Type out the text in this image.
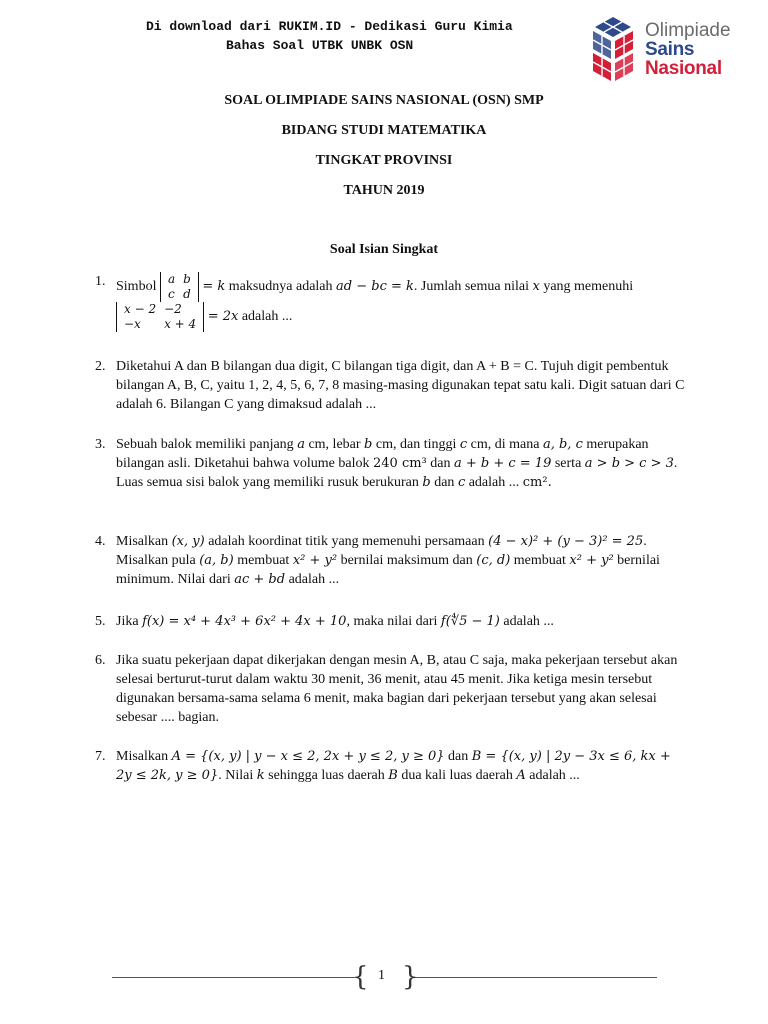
Di download dari RUKIM.ID - Dedikasi Guru Kimia
Bahas Soal UTBK UNBK OSN
Olimpiade
Sains
Nasional
SOAL OLIMPIADE SAINS NASIONAL (OSN) SMP
BIDANG STUDI MATEMATIKA
TINGKAT PROVINSI
TAHUN 2019
Soal Isian Singkat
1. Simbol
a	b
c	d = k maksudnya adalah ad − bc = k. Jumlah semua nilai x yang memenuhi

x − 2	−2
−x	x + 4 = 2x adalah ...
2. Diketahui A dan B bilangan dua digit, C bilangan tiga digit, dan A + B = C. Tujuh digit pembentuk bilangan A, B, C, yaitu 1, 2, 4, 5, 6, 7, 8 masing-masing digunakan tepat satu kali. Digit satuan dari C adalah 6. Bilangan C yang dimaksud adalah ...
3. Sebuah balok memiliki panjang a cm, lebar b cm, dan tinggi c cm, di mana a, b, c merupakan bilangan asli. Diketahui bahwa volume balok 240 cm³ dan a + b + c = 19 serta a > b > c > 3. Luas semua sisi balok yang memiliki rusuk berukuran b dan c adalah ... cm².
4. Misalkan (x, y) adalah koordinat titik yang memenuhi persamaan (4 − x)² + (y − 3)² = 25. Misalkan pula (a, b) membuat x² + y² bernilai maksimum dan (c, d) membuat x² + y² bernilai minimum. Nilai dari ac + bd adalah ...
5. Jika f(x) = x⁴ + 4x³ + 6x² + 4x + 10, maka nilai dari f(∜5 − 1) adalah ...
6. Jika suatu pekerjaan dapat dikerjakan dengan mesin A, B, atau C saja, maka pekerjaan tersebut akan selesai berturut-turut dalam waktu 30 menit, 36 menit, atau 45 menit. Jika ketiga mesin tersebut digunakan bersama-sama selama 6 menit, maka bagian dari pekerjaan tersebut yang akan selesai sebesar .... bagian.
7. Misalkan A = {(x, y) | y − x ≤ 2, 2x + y ≤ 2, y ≥ 0} dan B = {(x, y) | 2y − 3x ≤ 6, kx + 2y ≤ 2k, y ≥ 0}. Nilai k sehingga luas daerah B dua kali luas daerah A adalah ...
{ }
1
